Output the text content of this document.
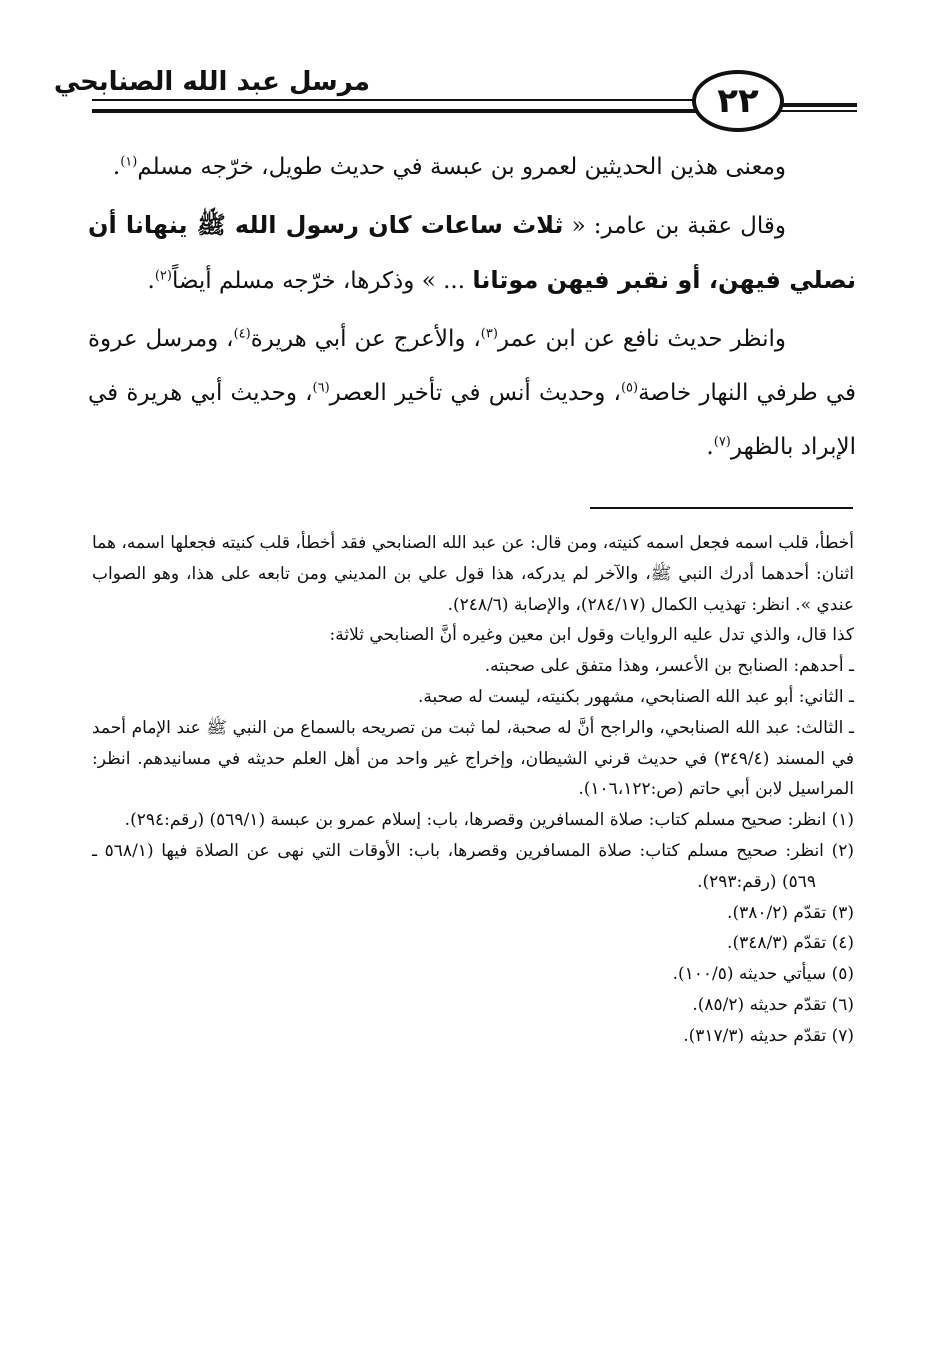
مرسل عبد الله الصنابحي	٢٢

ومعنى هذين الحديثين لعمرو بن عبسة في حديث طويل، خرّجه مسلم$^{(١)}$.

وقال عقبة بن عامر: « ثلاث ساعات كان رسول الله ﷺ ينهانا أن نصلي فيهن، أو نقبر فيهن موتانا ... » وذكرها، خرّجه مسلم أيضاً$^{(٢)}$.

وانظر حديث نافع عن ابن عمر$^{(٣)}$، والأعرج عن أبي هريرة$^{(٤)}$، ومرسل عروة في طرفي النهار خاصة$^{(٥)}$، وحديث أنس في تأخير العصر$^{(٦)}$، وحديث أبي هريرة في الإبراد بالظهر$^{(٧)}$.

أخطأ، قلب اسمه فجعل اسمه كنيته، ومن قال: عن عبد الله الصنابحي فقد أخطأ، قلب كنيته فجعلها اسمه، هما اثنان: أحدهما أدرك النبي ﷺ، والآخر لم يدركه، هذا قول علي بن المديني ومن تابعه على هذا، وهو الصواب عندي ». انظر: تهذيب الكمال (٢٨٤/١٧)، والإصابة (٢٤٨/٦).

كذا قال، والذي تدل عليه الروايات وقول ابن معين وغيره أنَّ الصنابحي ثلاثة:

ـ أحدهم: الصنابح بن الأعسر، وهذا متفق على صحبته.

ـ الثاني: أبو عبد الله الصنابحي، مشهور بكنيته، ليست له صحبة.

ـ الثالث: عبد الله الصنابحي، والراجح أنَّ له صحبة، لما ثبت من تصريحه بالسماع من النبي ﷺ عند الإمام أحمد في المسند (٣٤٩/٤) في حديث قرني الشيطان، وإخراج غير واحد من أهل العلم حديثه في مسانيدهم. انظر: المراسيل لابن أبي حاتم (ص:١٠٦،١٢٢).

(١) انظر: صحيح مسلم كتاب: صلاة المسافرين وقصرها، باب: إسلام عمرو بن عبسة (٥٦٩/١) (رقم:٢٩٤).

(٢) انظر: صحيح مسلم كتاب: صلاة المسافرين وقصرها، باب: الأوقات التي نهى عن الصلاة فيها (٥٦٨/١ ـ ٥٦٩) (رقم:٢٩٣).

(٣) تقدّم (٣٨٠/٢).

(٤) تقدّم (٣٤٨/٣).

(٥) سيأتي حديثه (١٠٠/٥).

(٦) تقدّم حديثه (٨٥/٢).

(٧) تقدّم حديثه (٣١٧/٣).
